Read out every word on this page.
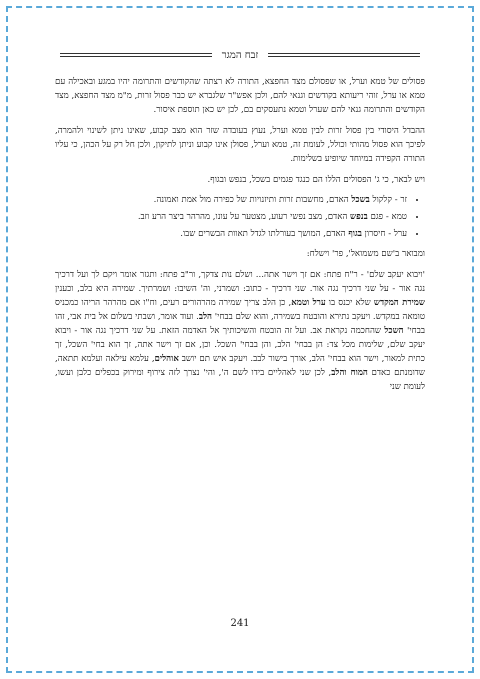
זבח המגר

פסולים של טמא וערל, או שפסולם מצד החפצא, התורה לא רצתה שהקודשים והתרומה יהיו במגע ובאכילה עם טמא או ערל, זוהי ריעותא בקודשים וגנאי להם, ולכן אפש"ר שלגברא יש כבר פסול זרות, מ"מ מצד החפצא, מצד הקודשים והתרומה גנאי להם שערל וטמא נתעסקים בם, לכן יש כאן תוספת איסור.

ההבדל היסודי בין פסול זרות לבין טמא וערל, נעוץ בעובדה שזר הוא מצב קבוע, שאינו ניתן לשינוי ולהמרה, לפיכך הוא פסול מהותי וכולל, לעומת זה, טמא וערל, פסולן אינו קבוע וניתן לתיקון, ולכן חל רק על הכהן, כי עליו התורה הקפידה במיוחד שיופיע בשלימות.

ויש לבאר, כי ג' הפסולים הללו הם כנגד פגמים בשכל, בנפש ובגוף.

• זר - קלקול בשכל האדם, מחשבות זרות ותיזנויות של כפירה מול אמת ואמונה.
• טמא - פגם בנפש האדם, מצב נפשי רעוע, מצטער על עונו, מהרהר ביצר הרע וזב.
• ערל - חיסרון בגוף האדם, המושך בעורלתו לגדל תאוות הבשרים שבו.

ומבואר ב'שם משמואל', פר' וישלח:

'ויבוא יעקב שלם' - ר"ח פתח: אם זך וישר אתה... ושלם נות צדקך, ור"ב פתח: ותגזר אומר ויקם לך ועל דרכיך נגה אור - על שני דרכיך נגה אור. שני דרכיך - כתוב: ושמרני, וה' השיבו: ושמרתיך. שמירה היא בלב, וכענין שמירת המקדש שלא יכנס בו ערל וטמא, כן הלב צריך שמירה מהרהורים רעים, וח"ו אם מהרהר הריהו כמכניס טומאה במקדש. ויעקב נתירא והובטח בשמירה, והוא שלם בבחי' הלב. ועוד אומר, ושבתי בשלום אל בית אבי, זהו בבחי' השכל שהחכמה נקראת אב. ועל זה הובטח והשיכותיך אל האדמה הזאת. על שני דרכיך נגה אור - ויבוא יעקב שלם, שלימות מכל צד: הן בבחי' הלב, והן בבחי' השכל. וכן, אם זך וישר אתה, זך הוא בחי' השכל, זך כתית למאור, וישר הוא בבחי' הלב, אורך בישור לבב. ויעקב איש תם יושב אוהלים, עלמא עילאה ועלמא תתאה, שדומנתם כאדם המוח והלב, לכן שני לאהליים בידו לשם ה', והי' נצרך לזה צירוף ומירוק בכפלים כלבן ועשו, לעומת שני

241
